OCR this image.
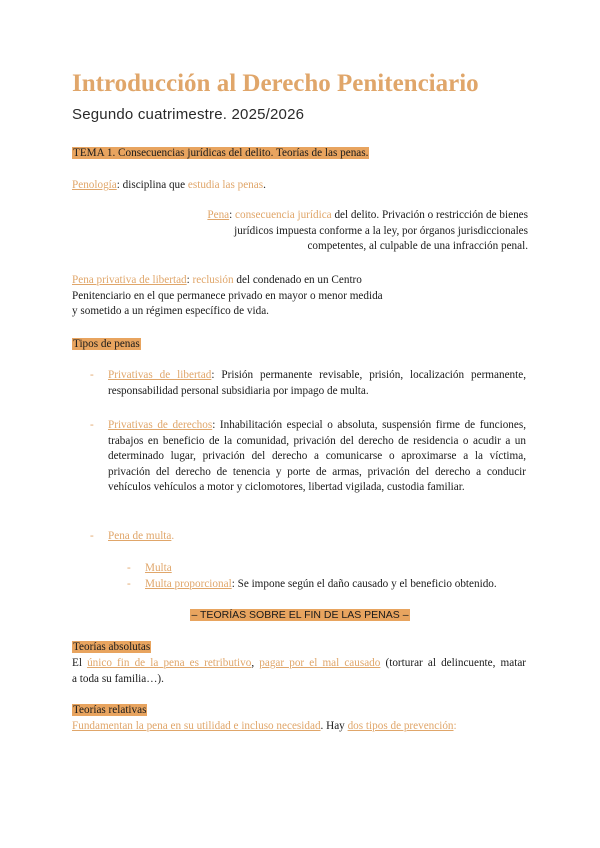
Introducción al Derecho Penitenciario
Segundo cuatrimestre. 2025/2026
TEMA 1. Consecuencias jurídicas del delito. Teorías de las penas.
Penología: disciplina que estudia las penas.
Pena: consecuencia jurídica del delito. Privación o restricción de bienes
jurídicos impuesta conforme a la ley, por órganos jurisdiccionales
competentes, al culpable de una infracción penal.
Pena privativa de libertad: reclusión del condenado en un Centro
Penitenciario en el que permanece privado en mayor o menor medida
y sometido a un régimen específico de vida.
Tipos de penas
- Privativas de libertad: Prisión permanente revisable, prisión, localización permanente, responsabilidad personal subsidiaria por impago de multa.
- Privativas de derechos: Inhabilitación especial o absoluta, suspensión firme de funciones, trabajos en beneficio de la comunidad, privación del derecho de residencia o acudir a un determinado lugar, privación del derecho a comunicarse o aproximarse a la víctima, privación del derecho de tenencia y porte de armas, privación del derecho a conducir vehículos vehículos a motor y ciclomotores, libertad vigilada, custodia familiar.
- Pena de multa.
- Multa
- Multa proporcional: Se impone según el daño causado y el beneficio obtenido.
– TEORÍAS SOBRE EL FIN DE LAS PENAS –
Teorías absolutas
El único fin de la pena es retributivo, pagar por el mal causado (torturar al delincuente, matar
a toda su familia…).
Teorías relativas
Fundamentan la pena en su utilidad e incluso necesidad. Hay dos tipos de prevención:
